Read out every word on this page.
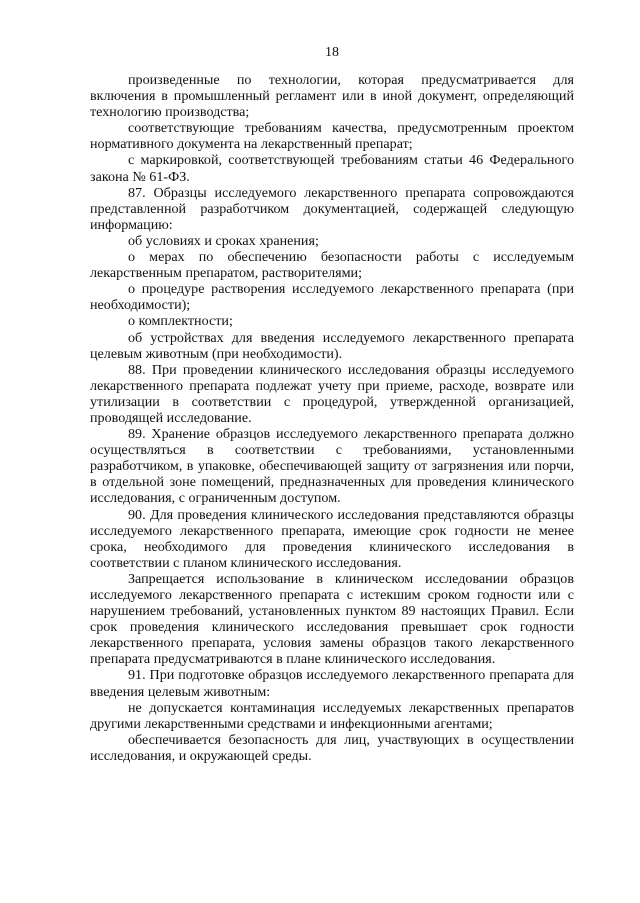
18

произведенные по технологии, которая предусматривается для включения в промышленный регламент или в иной документ, определяющий технологию производства;

соответствующие требованиям качества, предусмотренным проектом нормативного документа на лекарственный препарат;

с маркировкой, соответствующей требованиям статьи 46 Федерального закона № 61-ФЗ.

87. Образцы исследуемого лекарственного препарата сопровождаются представленной разработчиком документацией, содержащей следующую информацию:

об условиях и сроках хранения;

о мерах по обеспечению безопасности работы с исследуемым лекарственным препаратом, растворителями;

о процедуре растворения исследуемого лекарственного препарата (при необходимости);

о комплектности;

об устройствах для введения исследуемого лекарственного препарата целевым животным (при необходимости).

88. При проведении клинического исследования образцы исследуемого лекарственного препарата подлежат учету при приеме, расходе, возврате или утилизации в соответствии с процедурой, утвержденной организацией, проводящей исследование.

89. Хранение образцов исследуемого лекарственного препарата должно осуществляться в соответствии с требованиями, установленными разработчиком, в упаковке, обеспечивающей защиту от загрязнения или порчи, в отдельной зоне помещений, предназначенных для проведения клинического исследования, с ограниченным доступом.

90. Для проведения клинического исследования представляются образцы исследуемого лекарственного препарата, имеющие срок годности не менее срока, необходимого для проведения клинического исследования в соответствии с планом клинического исследования.

Запрещается использование в клиническом исследовании образцов исследуемого лекарственного препарата с истекшим сроком годности или с нарушением требований, установленных пунктом 89 настоящих Правил. Если срок проведения клинического исследования превышает срок годности лекарственного препарата, условия замены образцов такого лекарственного препарата предусматриваются в плане клинического исследования.

91. При подготовке образцов исследуемого лекарственного препарата для введения целевым животным:

не допускается контаминация исследуемых лекарственных препаратов другими лекарственными средствами и инфекционными агентами;

обеспечивается безопасность для лиц, участвующих в осуществлении исследования, и окружающей среды.
